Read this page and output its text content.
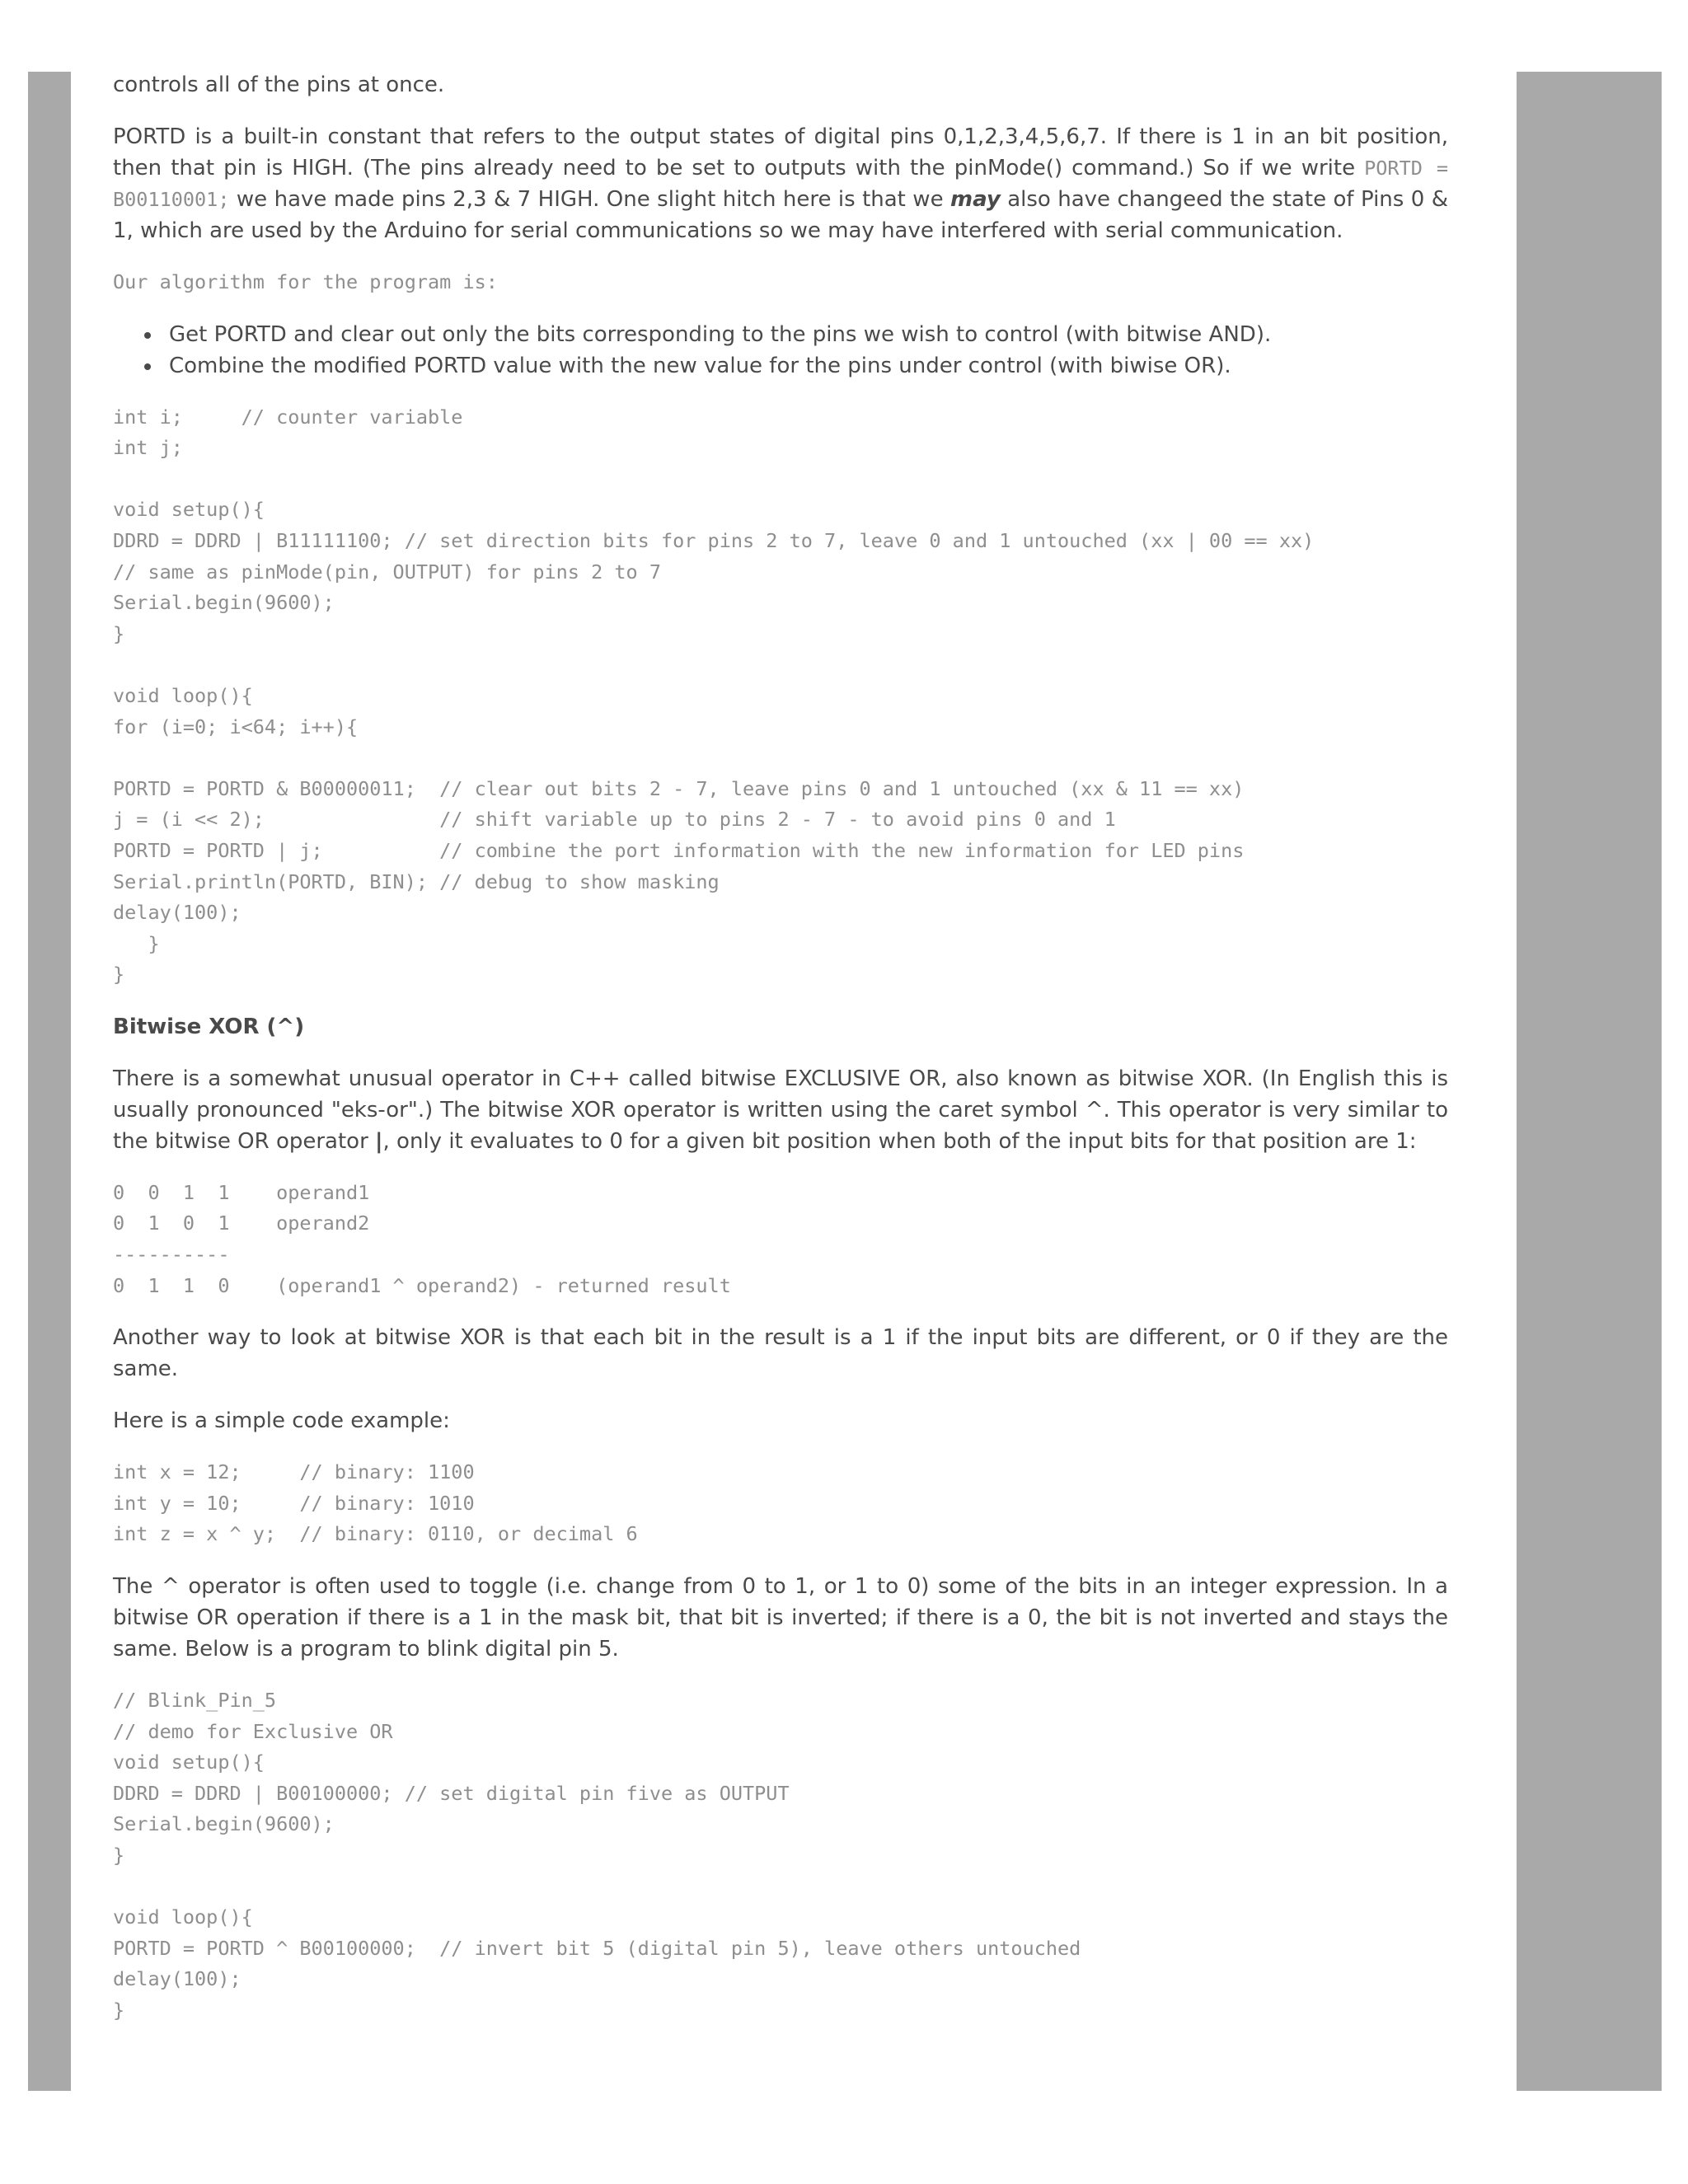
controls all of the pins at once.

PORTD is a built-in constant that refers to the output states of digital pins 0,1,2,3,4,5,6,7. If there is 1 in an bit position, then that pin is HIGH. (The pins already need to be set to outputs with the pinMode() command.) So if we write PORTD = B00110001; we have made pins 2,3 & 7 HIGH. One slight hitch here is that we may also have changeed the state of Pins 0 & 1, which are used by the Arduino for serial communications so we may have interfered with serial communication.

Our algorithm for the program is:
• Get PORTD and clear out only the bits corresponding to the pins we wish to control (with bitwise AND).
• Combine the modified PORTD value with the new value for the pins under control (with biwise OR).
int i;     // counter variable
int j;

void setup(){
DDRD = DDRD | B11111100; // set direction bits for pins 2 to 7, leave 0 and 1 untouched (xx | 00 == xx)
// same as pinMode(pin, OUTPUT) for pins 2 to 7
Serial.begin(9600);
}

void loop(){
for (i=0; i<64; i++){

PORTD = PORTD & B00000011;  // clear out bits 2 - 7, leave pins 0 and 1 untouched (xx & 11 == xx)
j = (i << 2);               // shift variable up to pins 2 - 7 - to avoid pins 0 and 1
PORTD = PORTD | j;          // combine the port information with the new information for LED pins
Serial.println(PORTD, BIN); // debug to show masking
delay(100);
}
}
Bitwise XOR (^)

There is a somewhat unusual operator in C++ called bitwise EXCLUSIVE OR, also known as bitwise XOR. (In English this is usually pronounced "eks-or".) The bitwise XOR operator is written using the caret symbol ^. This operator is very similar to the bitwise OR operator |, only it evaluates to 0 for a given bit position when both of the input bits for that position are 1:

0  0  1  1    operand1
0  1  0  1    operand2
----------
0  1  1  0    (operand1 ^ operand2) - returned result

Another way to look at bitwise XOR is that each bit in the result is a 1 if the input bits are different, or 0 if they are the same.

Here is a simple code example:

int x = 12;     // binary: 1100
int y = 10;     // binary: 1010
int z = x ^ y;  // binary: 0110, or decimal 6

The ^ operator is often used to toggle (i.e. change from 0 to 1, or 1 to 0) some of the bits in an integer expression. In a bitwise OR operation if there is a 1 in the mask bit, that bit is inverted; if there is a 0, the bit is not inverted and stays the same. Below is a program to blink digital pin 5.

// Blink_Pin_5
// demo for Exclusive OR
void setup(){
DDRD = DDRD | B00100000; // set digital pin five as OUTPUT
Serial.begin(9600);
}

void loop(){
PORTD = PORTD ^ B00100000;  // invert bit 5 (digital pin 5), leave others untouched
delay(100);
}
